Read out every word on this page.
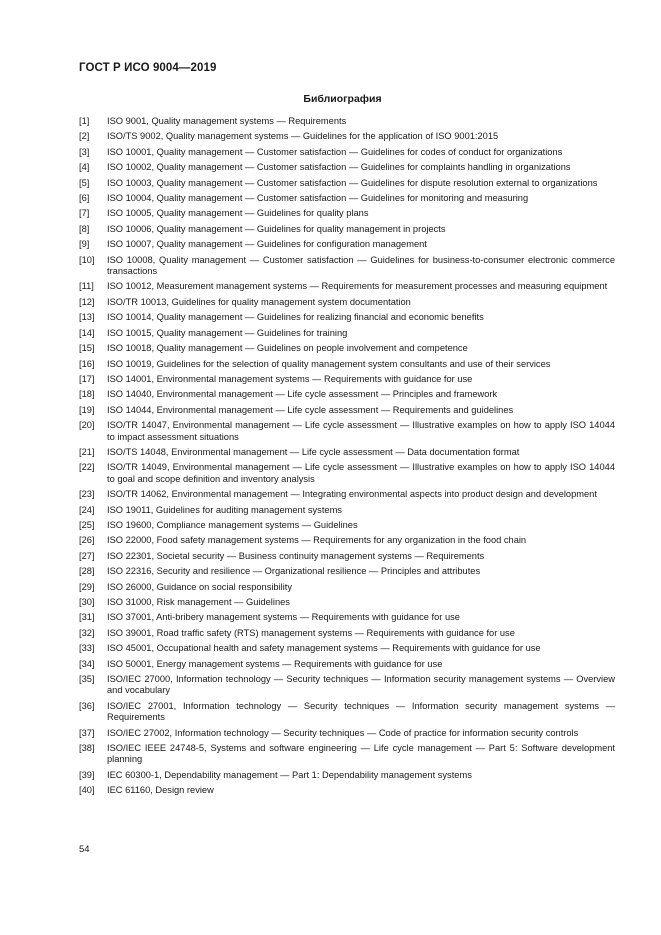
ГОСТ Р ИСО 9004—2019
Библиография
[1]	ISO 9001, Quality management systems — Requirements
[2]	ISO/TS 9002, Quality management systems — Guidelines for the application of ISO 9001:2015
[3]	ISO 10001, Quality management — Customer satisfaction — Guidelines for codes of conduct for organizations
[4]	ISO 10002, Quality management — Customer satisfaction — Guidelines for complaints handling in organizations
[5]	ISO 10003, Quality management — Customer satisfaction — Guidelines for dispute resolution external to organizations
[6]	ISO 10004, Quality management — Customer satisfaction — Guidelines for monitoring and measuring
[7]	ISO 10005, Quality management — Guidelines for quality plans
[8]	ISO 10006, Quality management — Guidelines for quality management in projects
[9]	ISO 10007, Quality management — Guidelines for configuration management
[10]	ISO 10008, Quality management — Customer satisfaction — Guidelines for business-to-consumer electronic commerce transactions
[11]	ISO 10012, Measurement management systems — Requirements for measurement processes and measuring equipment
[12]	ISO/TR 10013, Guidelines for quality management system documentation
[13]	ISO 10014, Quality management — Guidelines for realizing financial and economic benefits
[14]	ISO 10015, Quality management — Guidelines for training
[15]	ISO 10018, Quality management — Guidelines on people involvement and competence
[16]	ISO 10019, Guidelines for the selection of quality management system consultants and use of their services
[17]	ISO 14001, Environmental management systems — Requirements with guidance for use
[18]	ISO 14040, Environmental management — Life cycle assessment — Principles and framework
[19]	ISO 14044, Environmental management — Life cycle assessment — Requirements and guidelines
[20]	ISO/TR 14047, Environmental management — Life cycle assessment — Illustrative examples on how to apply ISO 14044 to impact assessment situations
[21]	ISO/TS 14048, Environmental management — Life cycle assessment — Data documentation format
[22]	ISO/TR 14049, Environmental management — Life cycle assessment — Illustrative examples on how to apply ISO 14044 to goal and scope definition and inventory analysis
[23]	ISO/TR 14062, Environmental management — Integrating environmental aspects into product design and development
[24]	ISO 19011, Guidelines for auditing management systems
[25]	ISO 19600, Compliance management systems — Guidelines
[26]	ISO 22000, Food safety management systems — Requirements for any organization in the food chain
[27]	ISO 22301, Societal security — Business continuity management systems — Requirements
[28]	ISO 22316, Security and resilience — Organizational resilience — Principles and attributes
[29]	ISO 26000, Guidance on social responsibility
[30]	ISO 31000, Risk management — Guidelines
[31]	ISO 37001, Anti-bribery management systems — Requirements with guidance for use
[32]	ISO 39001, Road traffic safety (RTS) management systems — Requirements with guidance for use
[33]	ISO 45001, Occupational health and safety management systems — Requirements with guidance for use
[34]	ISO 50001, Energy management systems — Requirements with guidance for use
[35]	ISO/IEC 27000, Information technology — Security techniques — Information security management systems — Overview and vocabulary
[36]	ISO/IEC 27001, Information technology — Security techniques — Information security management systems — Requirements
[37]	ISO/IEC 27002, Information technology — Security techniques — Code of practice for information security controls
[38]	ISO/IEC IEEE 24748-5, Systems and software engineering — Life cycle management — Part 5: Software development planning
[39]	IEC 60300-1, Dependability management — Part 1: Dependability management systems
[40]	IEC 61160, Design review
54
